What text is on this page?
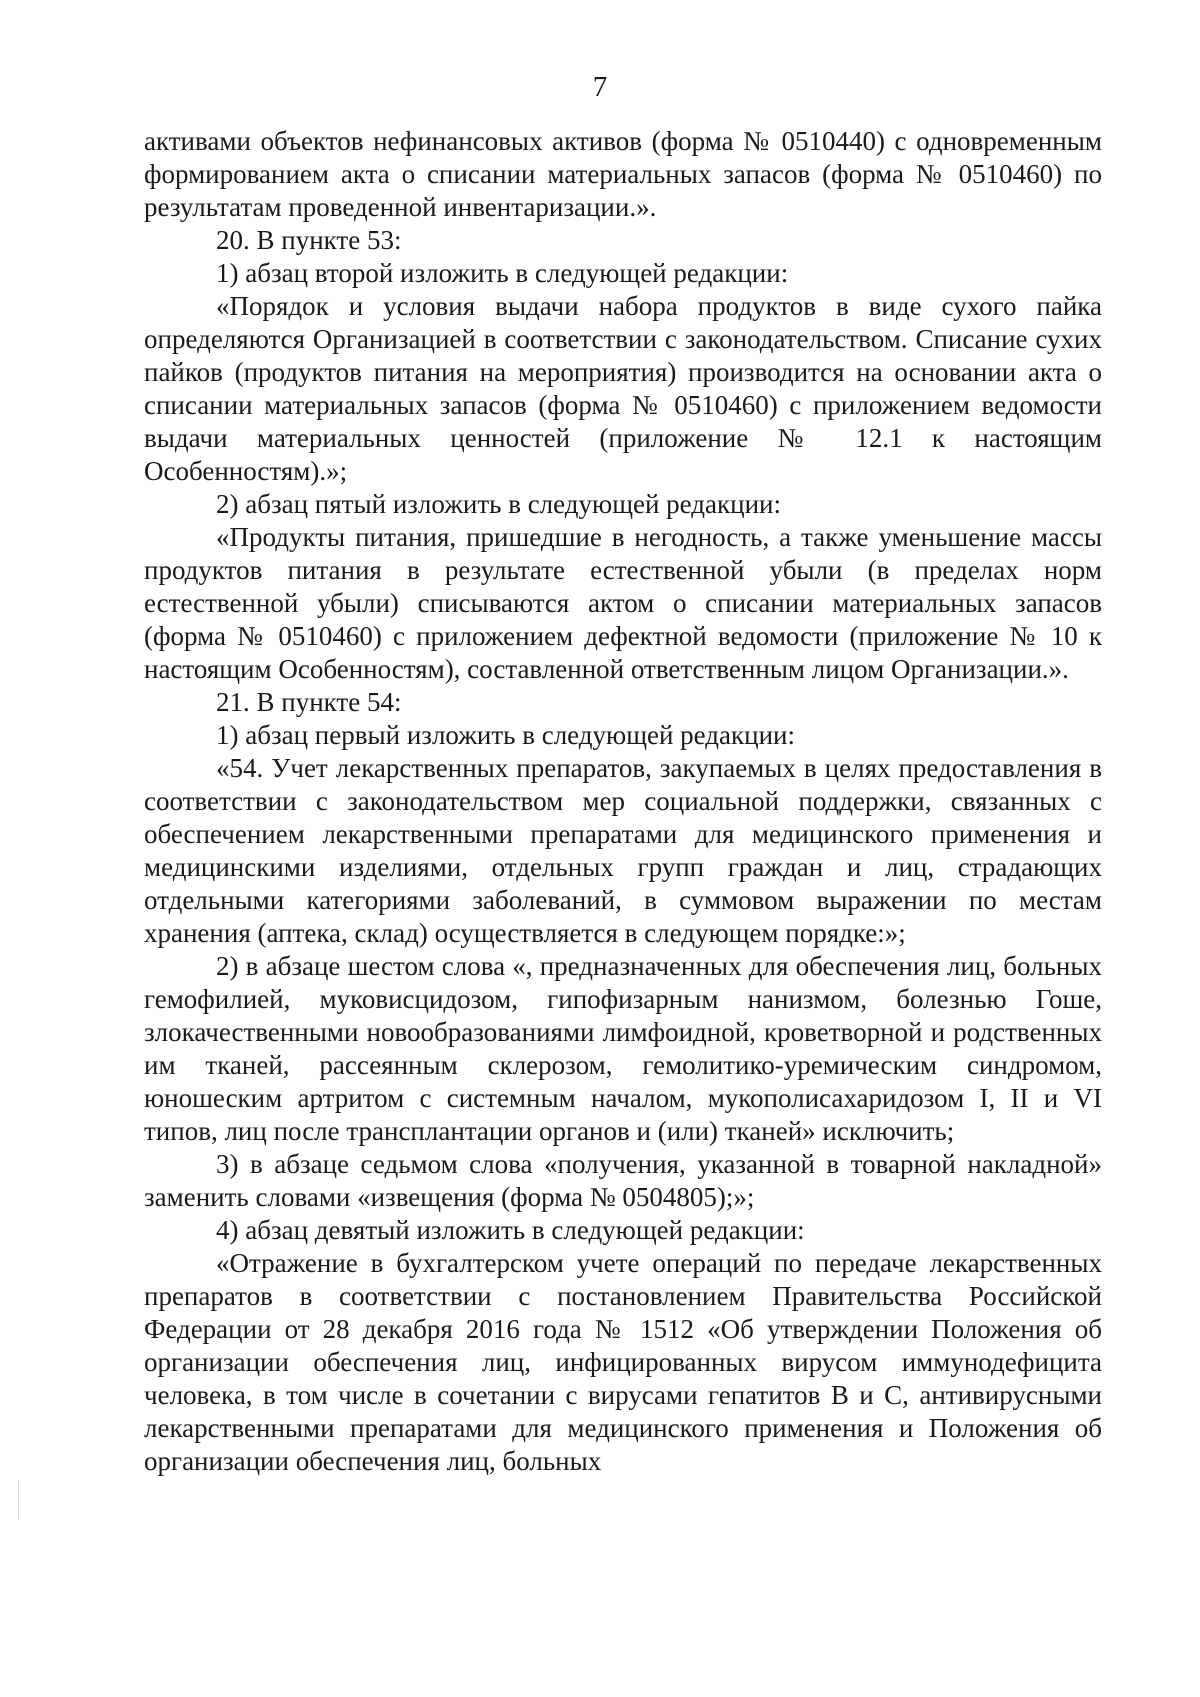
7

активами объектов нефинансовых активов (форма № 0510440) с одновременным формированием акта о списании материальных запасов (форма № 0510460) по результатам проведенной инвентаризации.».

20. В пункте 53:

1) абзац второй изложить в следующей редакции:

«Порядок и условия выдачи набора продуктов в виде сухого пайка определяются Организацией в соответствии с законодательством. Списание сухих пайков (продуктов питания на мероприятия) производится на основании акта о списании материальных запасов (форма № 0510460) с приложением ведомости выдачи материальных ценностей (приложение № 12.1 к настоящим Особенностям).»;

2) абзац пятый изложить в следующей редакции:

«Продукты питания, пришедшие в негодность, а также уменьшение массы продуктов питания в результате естественной убыли (в пределах норм естественной убыли) списываются актом о списании материальных запасов (форма № 0510460) с приложением дефектной ведомости (приложение № 10 к настоящим Особенностям), составленной ответственным лицом Организации.».

21. В пункте 54:

1) абзац первый изложить в следующей редакции:

«54. Учет лекарственных препаратов, закупаемых в целях предоставления в соответствии с законодательством мер социальной поддержки, связанных с обеспечением лекарственными препаратами для медицинского применения и медицинскими изделиями, отдельных групп граждан и лиц, страдающих отдельными категориями заболеваний, в суммовом выражении по местам хранения (аптека, склад) осуществляется в следующем порядке:»;

2) в абзаце шестом слова «, предназначенных для обеспечения лиц, больных гемофилией, муковисцидозом, гипофизарным нанизмом, болезнью Гоше, злокачественными новообразованиями лимфоидной, кроветворной и родственных им тканей, рассеянным склерозом, гемолитико-уремическим синдромом, юношеским артритом с системным началом, мукополисахаридозом I, II и VI типов, лиц после трансплантации органов и (или) тканей» исключить;

3) в абзаце седьмом слова «получения, указанной в товарной накладной» заменить словами «извещения (форма № 0504805);»;

4) абзац девятый изложить в следующей редакции:

«Отражение в бухгалтерском учете операций по передаче лекарственных препаратов в соответствии с постановлением Правительства Российской Федерации от 28 декабря 2016 года № 1512 «Об утверждении Положения об организации обеспечения лиц, инфицированных вирусом иммунодефицита человека, в том числе в сочетании с вирусами гепатитов B и C, антивирусными лекарственными препаратами для медицинского применения и Положения об организации обеспечения лиц, больных
